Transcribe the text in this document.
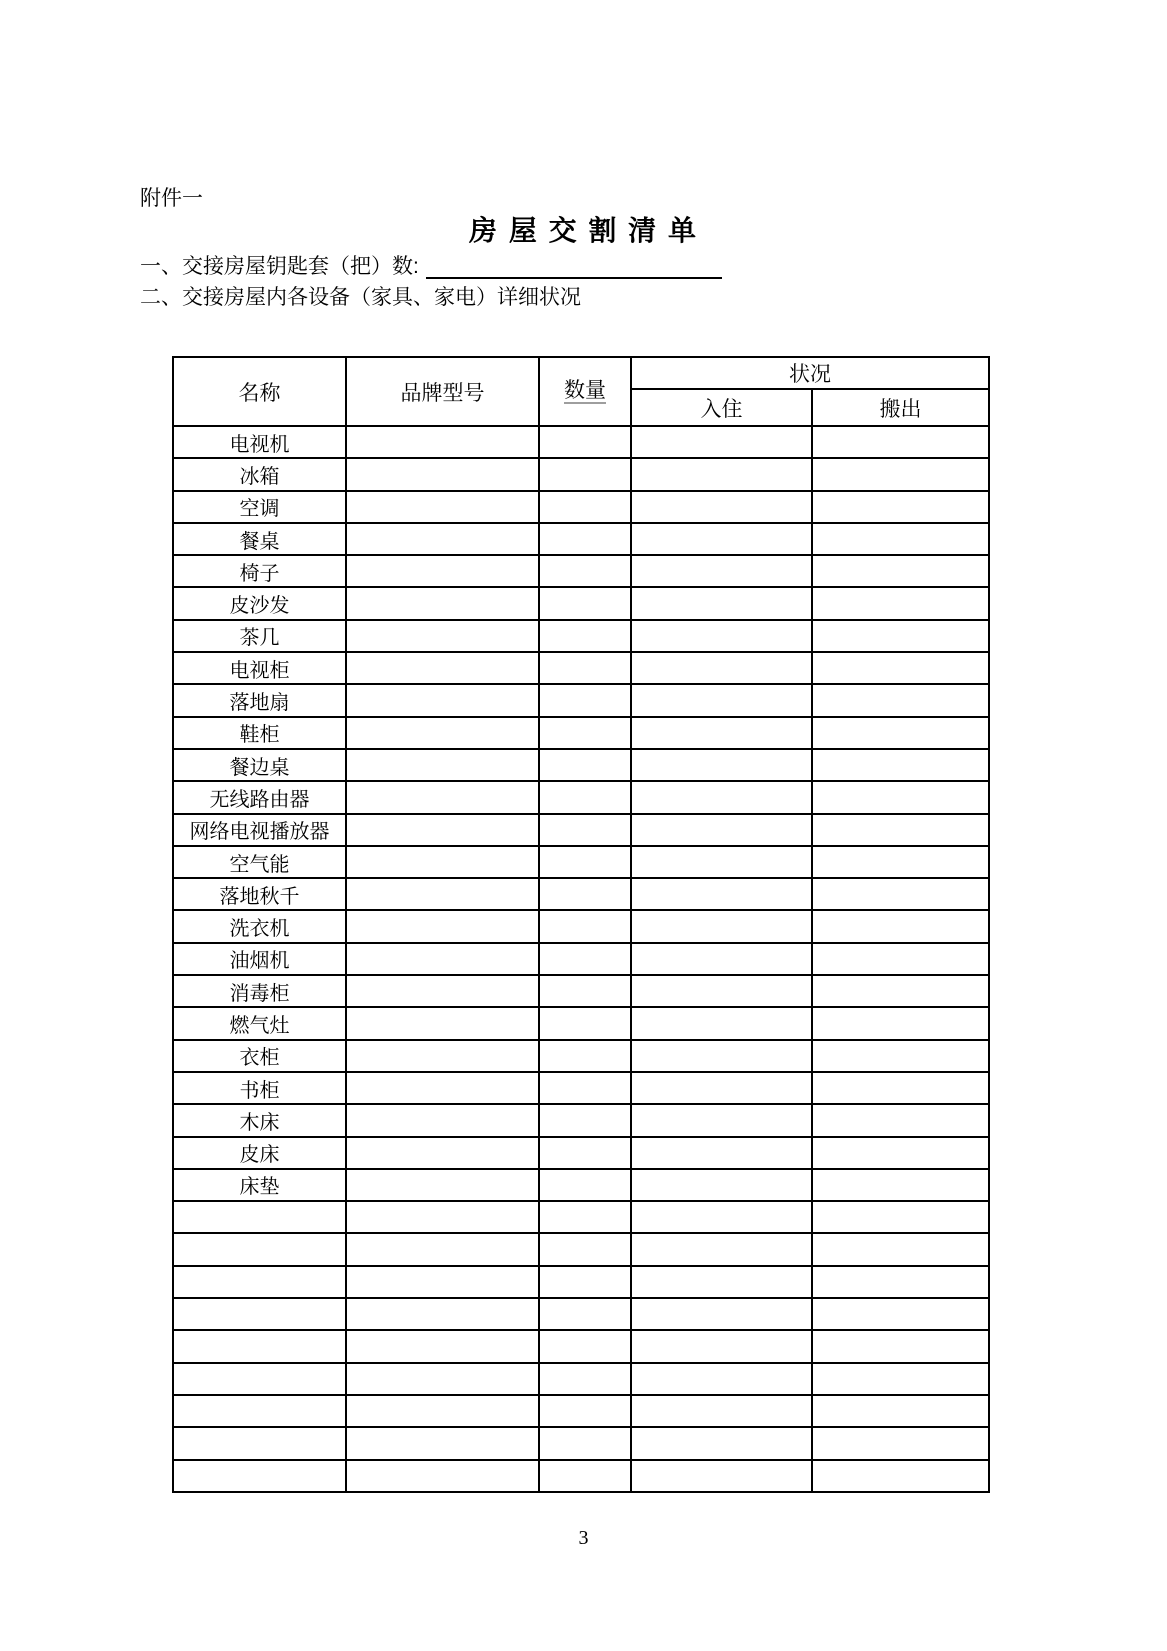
附件一
房 屋 交 割 清 单
一、交接房屋钥匙套（把）数:
二、交接房屋内各设备（家具、家电）详细状况
名称	品牌型号	数量	状况	
			入住	搬出
电视机				
冰箱				
空调				
餐桌				
椅子				
皮沙发				
茶几				
电视柜				
落地扇				
鞋柜				
餐边桌				
无线路由器				
网络电视播放器				
空气能				
落地秋千				
洗衣机				
油烟机				
消毒柜				
燃气灶				
衣柜				
书柜				
木床				
皮床				
床垫				

3
